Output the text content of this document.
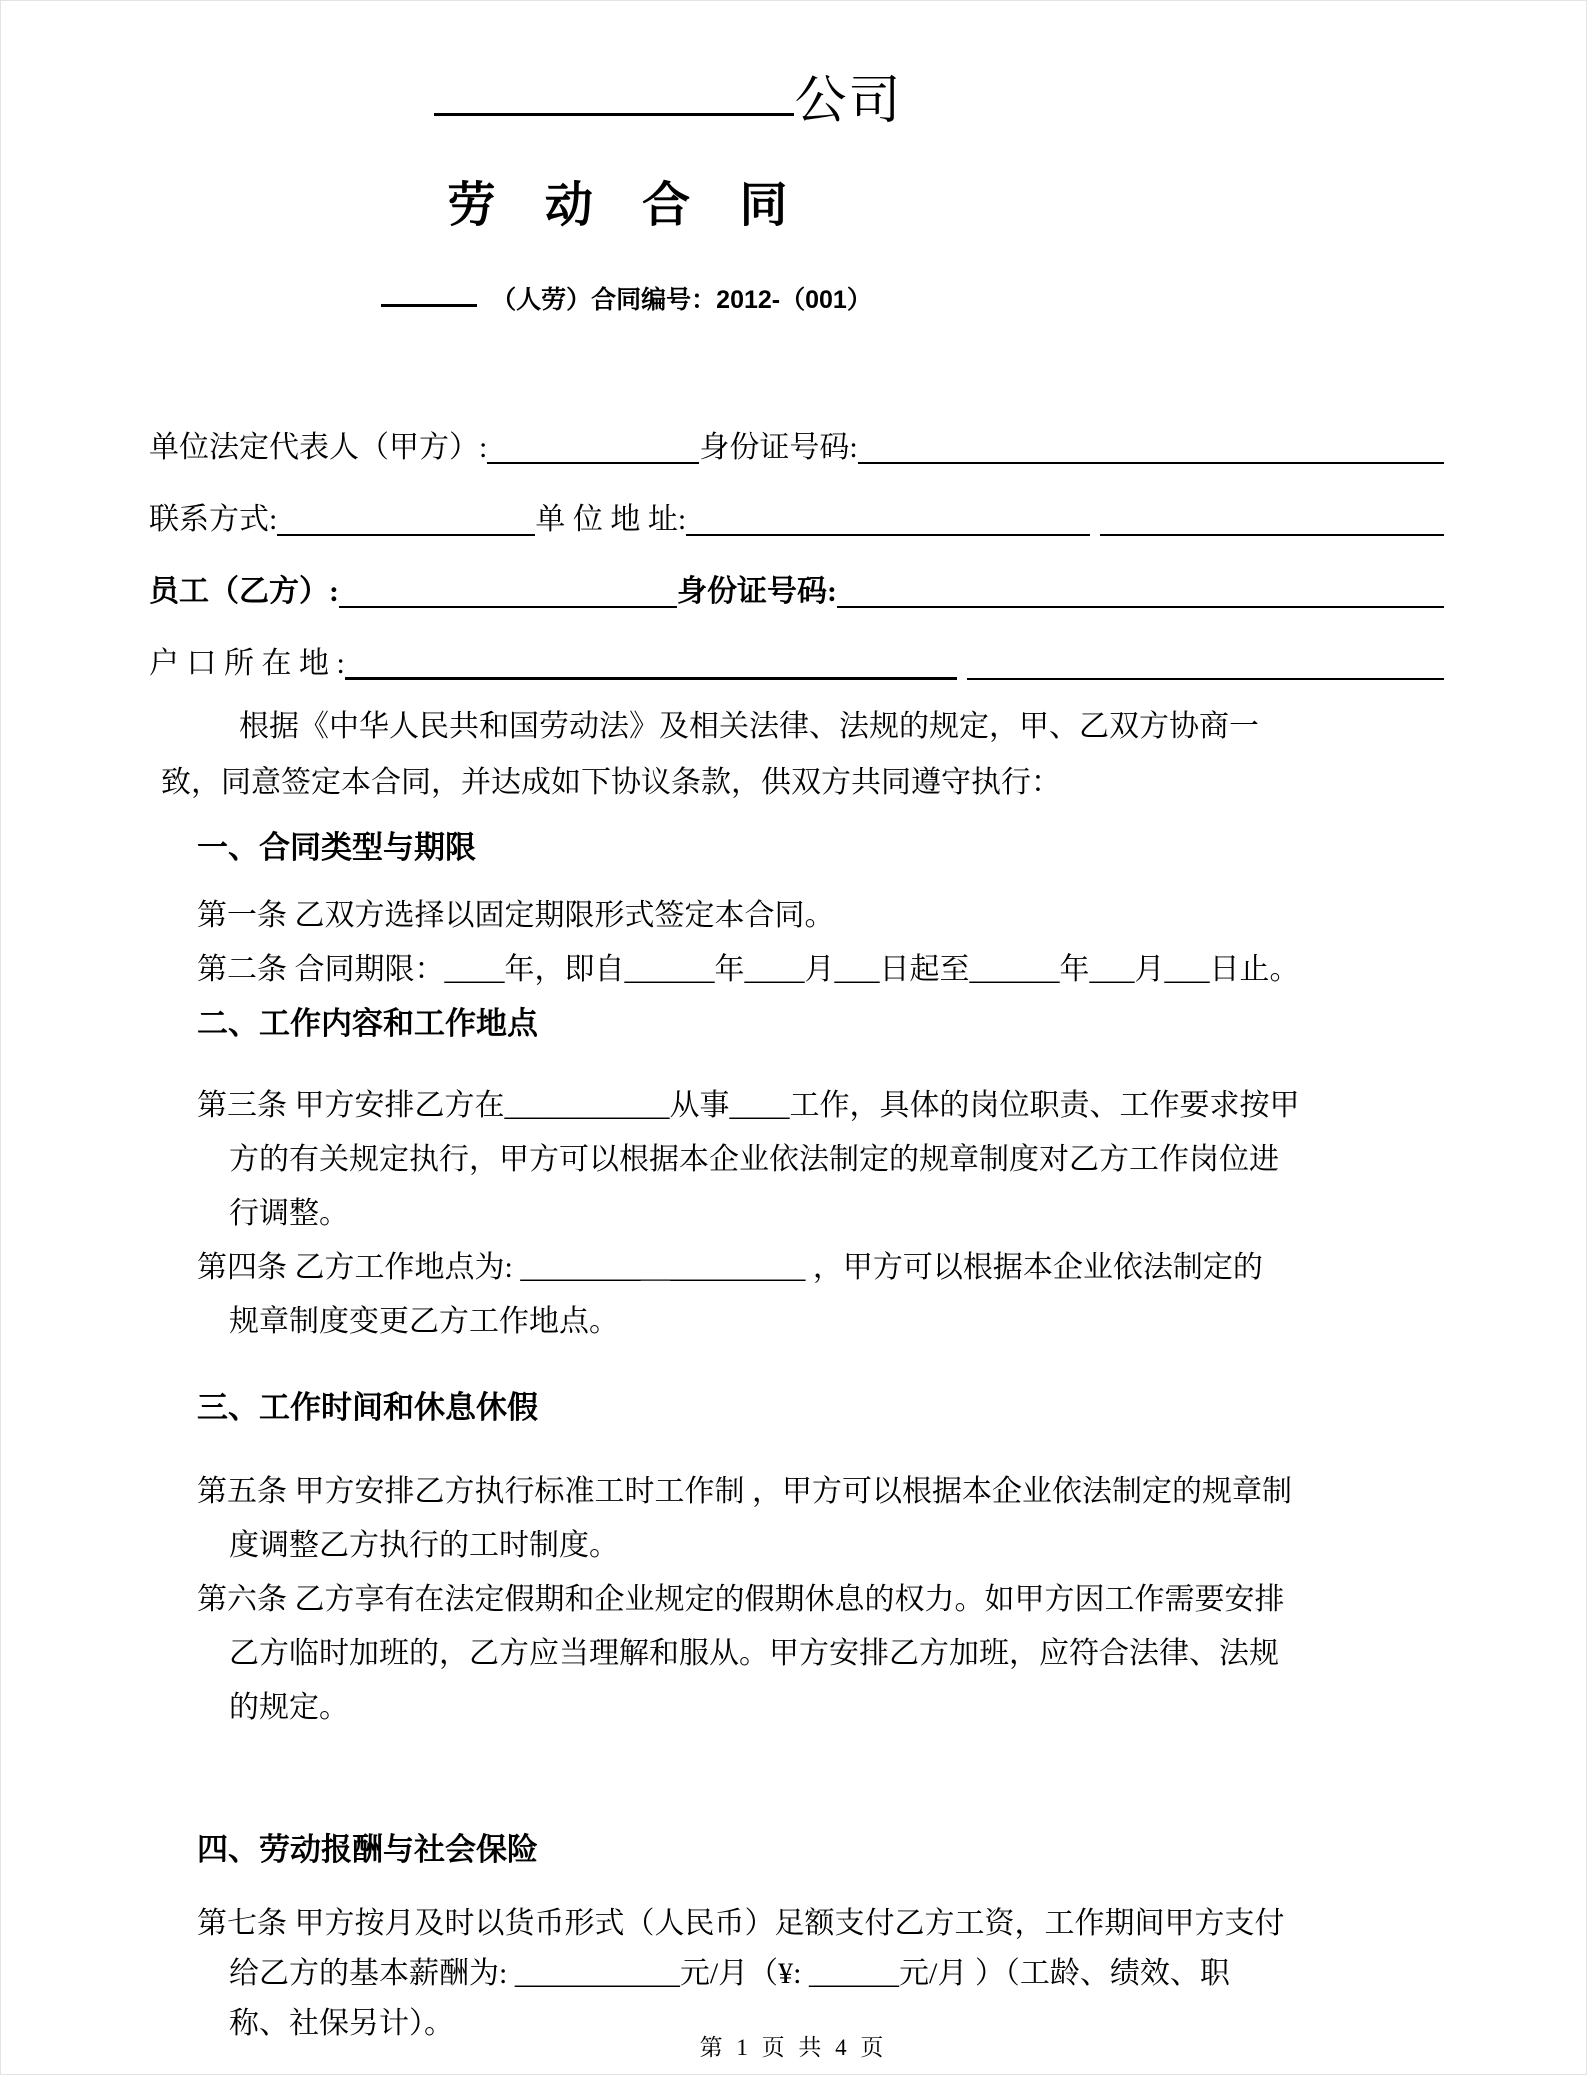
公司
劳 动 合 同
（人劳）合同编号：2012-（001）
单位法定代表人（甲方）:	身份证号码:
联系方式:	单 位 地 址:
员工（乙方）:	身份证号码:
户 口 所 在 地 :

根据《中华人民共和国劳动法》及相关法律、法规的规定，甲、乙双方协商一

致，同意签定本合同，并达成如下协议条款，供双方共同遵守执行：

一、合同类型与期限

第一条 乙双方选择以固定期限形式签定本合同。

第二条 合同期限：____年，即自______年____月___日起至______年___月___日止。

二、工作内容和工作地点

第三条 甲方安排乙方在___________从事____工作，具体的岗位职责、工作要求按甲

方的有关规定执行，甲方可以根据本企业依法制定的规章制度对乙方工作岗位进

行调整。

第四条 乙方工作地点为: ________＿_________ ，甲方可以根据本企业依法制定的

规章制度变更乙方工作地点。

三、工作时间和休息休假

第五条 甲方安排乙方执行标准工时工作制 ，甲方可以根据本企业依法制定的规章制

度调整乙方执行的工时制度。

第六条 乙方享有在法定假期和企业规定的假期休息的权力。如甲方因工作需要安排

乙方临时加班的，乙方应当理解和服从。甲方安排乙方加班，应符合法律、法规

的规定。

四、劳动报酬与社会保险

第七条 甲方按月及时以货币形式（人民币）足额支付乙方工资，工作期间甲方支付

给乙方的基本薪酬为: ___________元/月（¥: ______元/月 ）（工龄、绩效、职

称、社保另计）。

第 1 页 共 4 页
